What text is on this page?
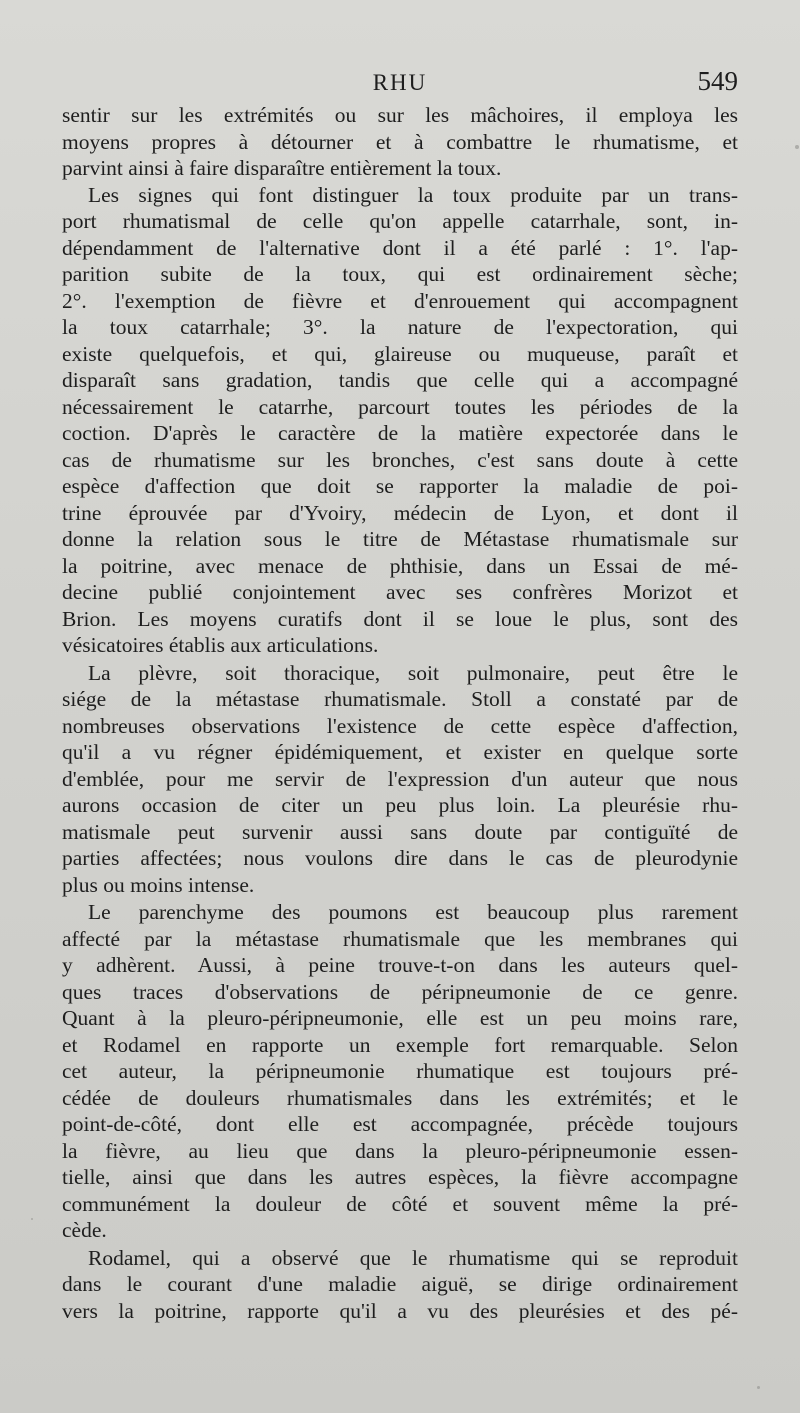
RHU	549
sentir sur les extrémités ou sur les mâchoires, il employa les
moyens propres à détourner et à combattre le rhumatisme, et
parvint ainsi à faire disparaître entièrement la toux.
Les signes qui font distinguer la toux produite par un trans-
port rhumatismal de celle qu'on appelle catarrhale, sont, in-
dépendamment de l'alternative dont il a été parlé : 1°. l'ap-
parition subite de la toux, qui est ordinairement sèche;
2°. l'exemption de fièvre et d'enrouement qui accompagnent
la toux catarrhale; 3°. la nature de l'expectoration, qui
existe quelquefois, et qui, glaireuse ou muqueuse, paraît et
disparaît sans gradation, tandis que celle qui a accompagné
nécessairement le catarrhe, parcourt toutes les périodes de la
coction. D'après le caractère de la matière expectorée dans le
cas de rhumatisme sur les bronches, c'est sans doute à cette
espèce d'affection que doit se rapporter la maladie de poi-
trine éprouvée par d'Yvoiry, médecin de Lyon, et dont il
donne la relation sous le titre de Métastase rhumatismale sur
la poitrine, avec menace de phthisie, dans un Essai de mé-
decine publié conjointement avec ses confrères Morizot et
Brion. Les moyens curatifs dont il se loue le plus, sont des
vésicatoires établis aux articulations.
La plèvre, soit thoracique, soit pulmonaire, peut être le
siége de la métastase rhumatismale. Stoll a constaté par de
nombreuses observations l'existence de cette espèce d'affection,
qu'il a vu régner épidémiquement, et exister en quelque sorte
d'emblée, pour me servir de l'expression d'un auteur que nous
aurons occasion de citer un peu plus loin. La pleurésie rhu-
matismale peut survenir aussi sans doute par contiguïté de
parties affectées; nous voulons dire dans le cas de pleurodynie
plus ou moins intense.
Le parenchyme des poumons est beaucoup plus rarement
affecté par la métastase rhumatismale que les membranes qui
y adhèrent. Aussi, à peine trouve-t-on dans les auteurs quel-
ques traces d'observations de péripneumonie de ce genre.
Quant à la pleuro-péripneumonie, elle est un peu moins rare,
et Rodamel en rapporte un exemple fort remarquable. Selon
cet auteur, la péripneumonie rhumatique est toujours pré-
cédée de douleurs rhumatismales dans les extrémités; et le
point-de-côté, dont elle est accompagnée, précède toujours
la fièvre, au lieu que dans la pleuro-péripneumonie essen-
tielle, ainsi que dans les autres espèces, la fièvre accompagne
communément la douleur de côté et souvent même la pré-
cède.
Rodamel, qui a observé que le rhumatisme qui se reproduit
dans le courant d'une maladie aiguë, se dirige ordinairement
vers la poitrine, rapporte qu'il a vu des pleurésies et des pé-
